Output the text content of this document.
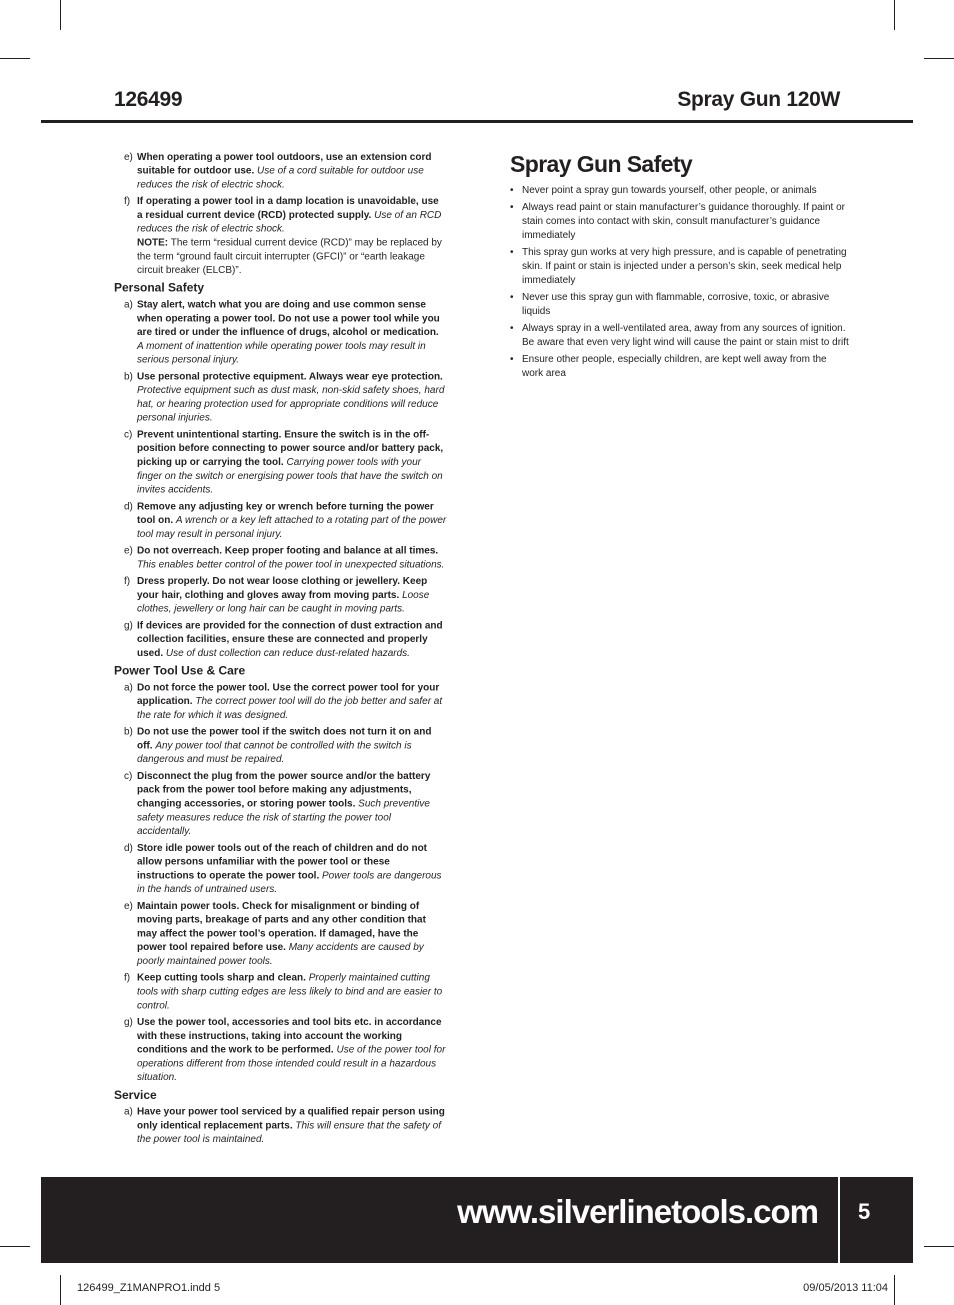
126499	Spray Gun 120W
e) When operating a power tool outdoors, use an extension cord suitable for outdoor use. Use of a cord suitable for outdoor use reduces the risk of electric shock.
f) If operating a power tool in a damp location is unavoidable, use a residual current device (RCD) protected supply. Use of an RCD reduces the risk of electric shock.
NOTE: The term “residual current device (RCD)” may be replaced by the term “ground fault circuit interrupter (GFCI)” or “earth leakage circuit breaker (ELCB)”.
Personal Safety
a) Stay alert, watch what you are doing and use common sense when operating a power tool. Do not use a power tool while you are tired or under the influence of drugs, alcohol or medication. A moment of inattention while operating power tools may result in serious personal injury.
b) Use personal protective equipment. Always wear eye protection. Protective equipment such as dust mask, non-skid safety shoes, hard hat, or hearing protection used for appropriate conditions will reduce personal injuries.
c) Prevent unintentional starting. Ensure the switch is in the off-position before connecting to power source and/or battery pack, picking up or carrying the tool. Carrying power tools with your finger on the switch or energising power tools that have the switch on invites accidents.
d) Remove any adjusting key or wrench before turning the power tool on. A wrench or a key left attached to a rotating part of the power tool may result in personal injury.
e) Do not overreach. Keep proper footing and balance at all times. This enables better control of the power tool in unexpected situations.
f) Dress properly. Do not wear loose clothing or jewellery. Keep your hair, clothing and gloves away from moving parts. Loose clothes, jewellery or long hair can be caught in moving parts.
g) If devices are provided for the connection of dust extraction and collection facilities, ensure these are connected and properly used. Use of dust collection can reduce dust-related hazards.
Power Tool Use & Care
a) Do not force the power tool. Use the correct power tool for your application. The correct power tool will do the job better and safer at the rate for which it was designed.
b) Do not use the power tool if the switch does not turn it on and off. Any power tool that cannot be controlled with the switch is dangerous and must be repaired.
c) Disconnect the plug from the power source and/or the battery pack from the power tool before making any adjustments, changing accessories, or storing power tools. Such preventive safety measures reduce the risk of starting the power tool accidentally.
d) Store idle power tools out of the reach of children and do not allow persons unfamiliar with the power tool or these instructions to operate the power tool. Power tools are dangerous in the hands of untrained users.
e) Maintain power tools. Check for misalignment or binding of moving parts, breakage of parts and any other condition that may affect the power tool’s operation. If damaged, have the power tool repaired before use. Many accidents are caused by poorly maintained power tools.
f) Keep cutting tools sharp and clean. Properly maintained cutting tools with sharp cutting edges are less likely to bind and are easier to control.
g) Use the power tool, accessories and tool bits etc. in accordance with these instructions, taking into account the working conditions and the work to be performed. Use of the power tool for operations different from those intended could result in a hazardous situation.
Service
a) Have your power tool serviced by a qualified repair person using only identical replacement parts. This will ensure that the safety of the power tool is maintained.
Spray Gun Safety
• Never point a spray gun towards yourself, other people, or animals
• Always read paint or stain manufacturer’s guidance thoroughly. If paint or stain comes into contact with skin, consult manufacturer’s guidance immediately
• This spray gun works at very high pressure, and is capable of penetrating skin. If paint or stain is injected under a person’s skin, seek medical help immediately
• Never use this spray gun with flammable, corrosive, toxic, or abrasive liquids
• Always spray in a well-ventilated area, away from any sources of ignition. Be aware that even very light wind will cause the paint or stain mist to drift
• Ensure other people, especially children, are kept well away from the work area
www.silverlinetools.com 5
126499_Z1MANPRO1.indd 5	09/05/2013 11:04
